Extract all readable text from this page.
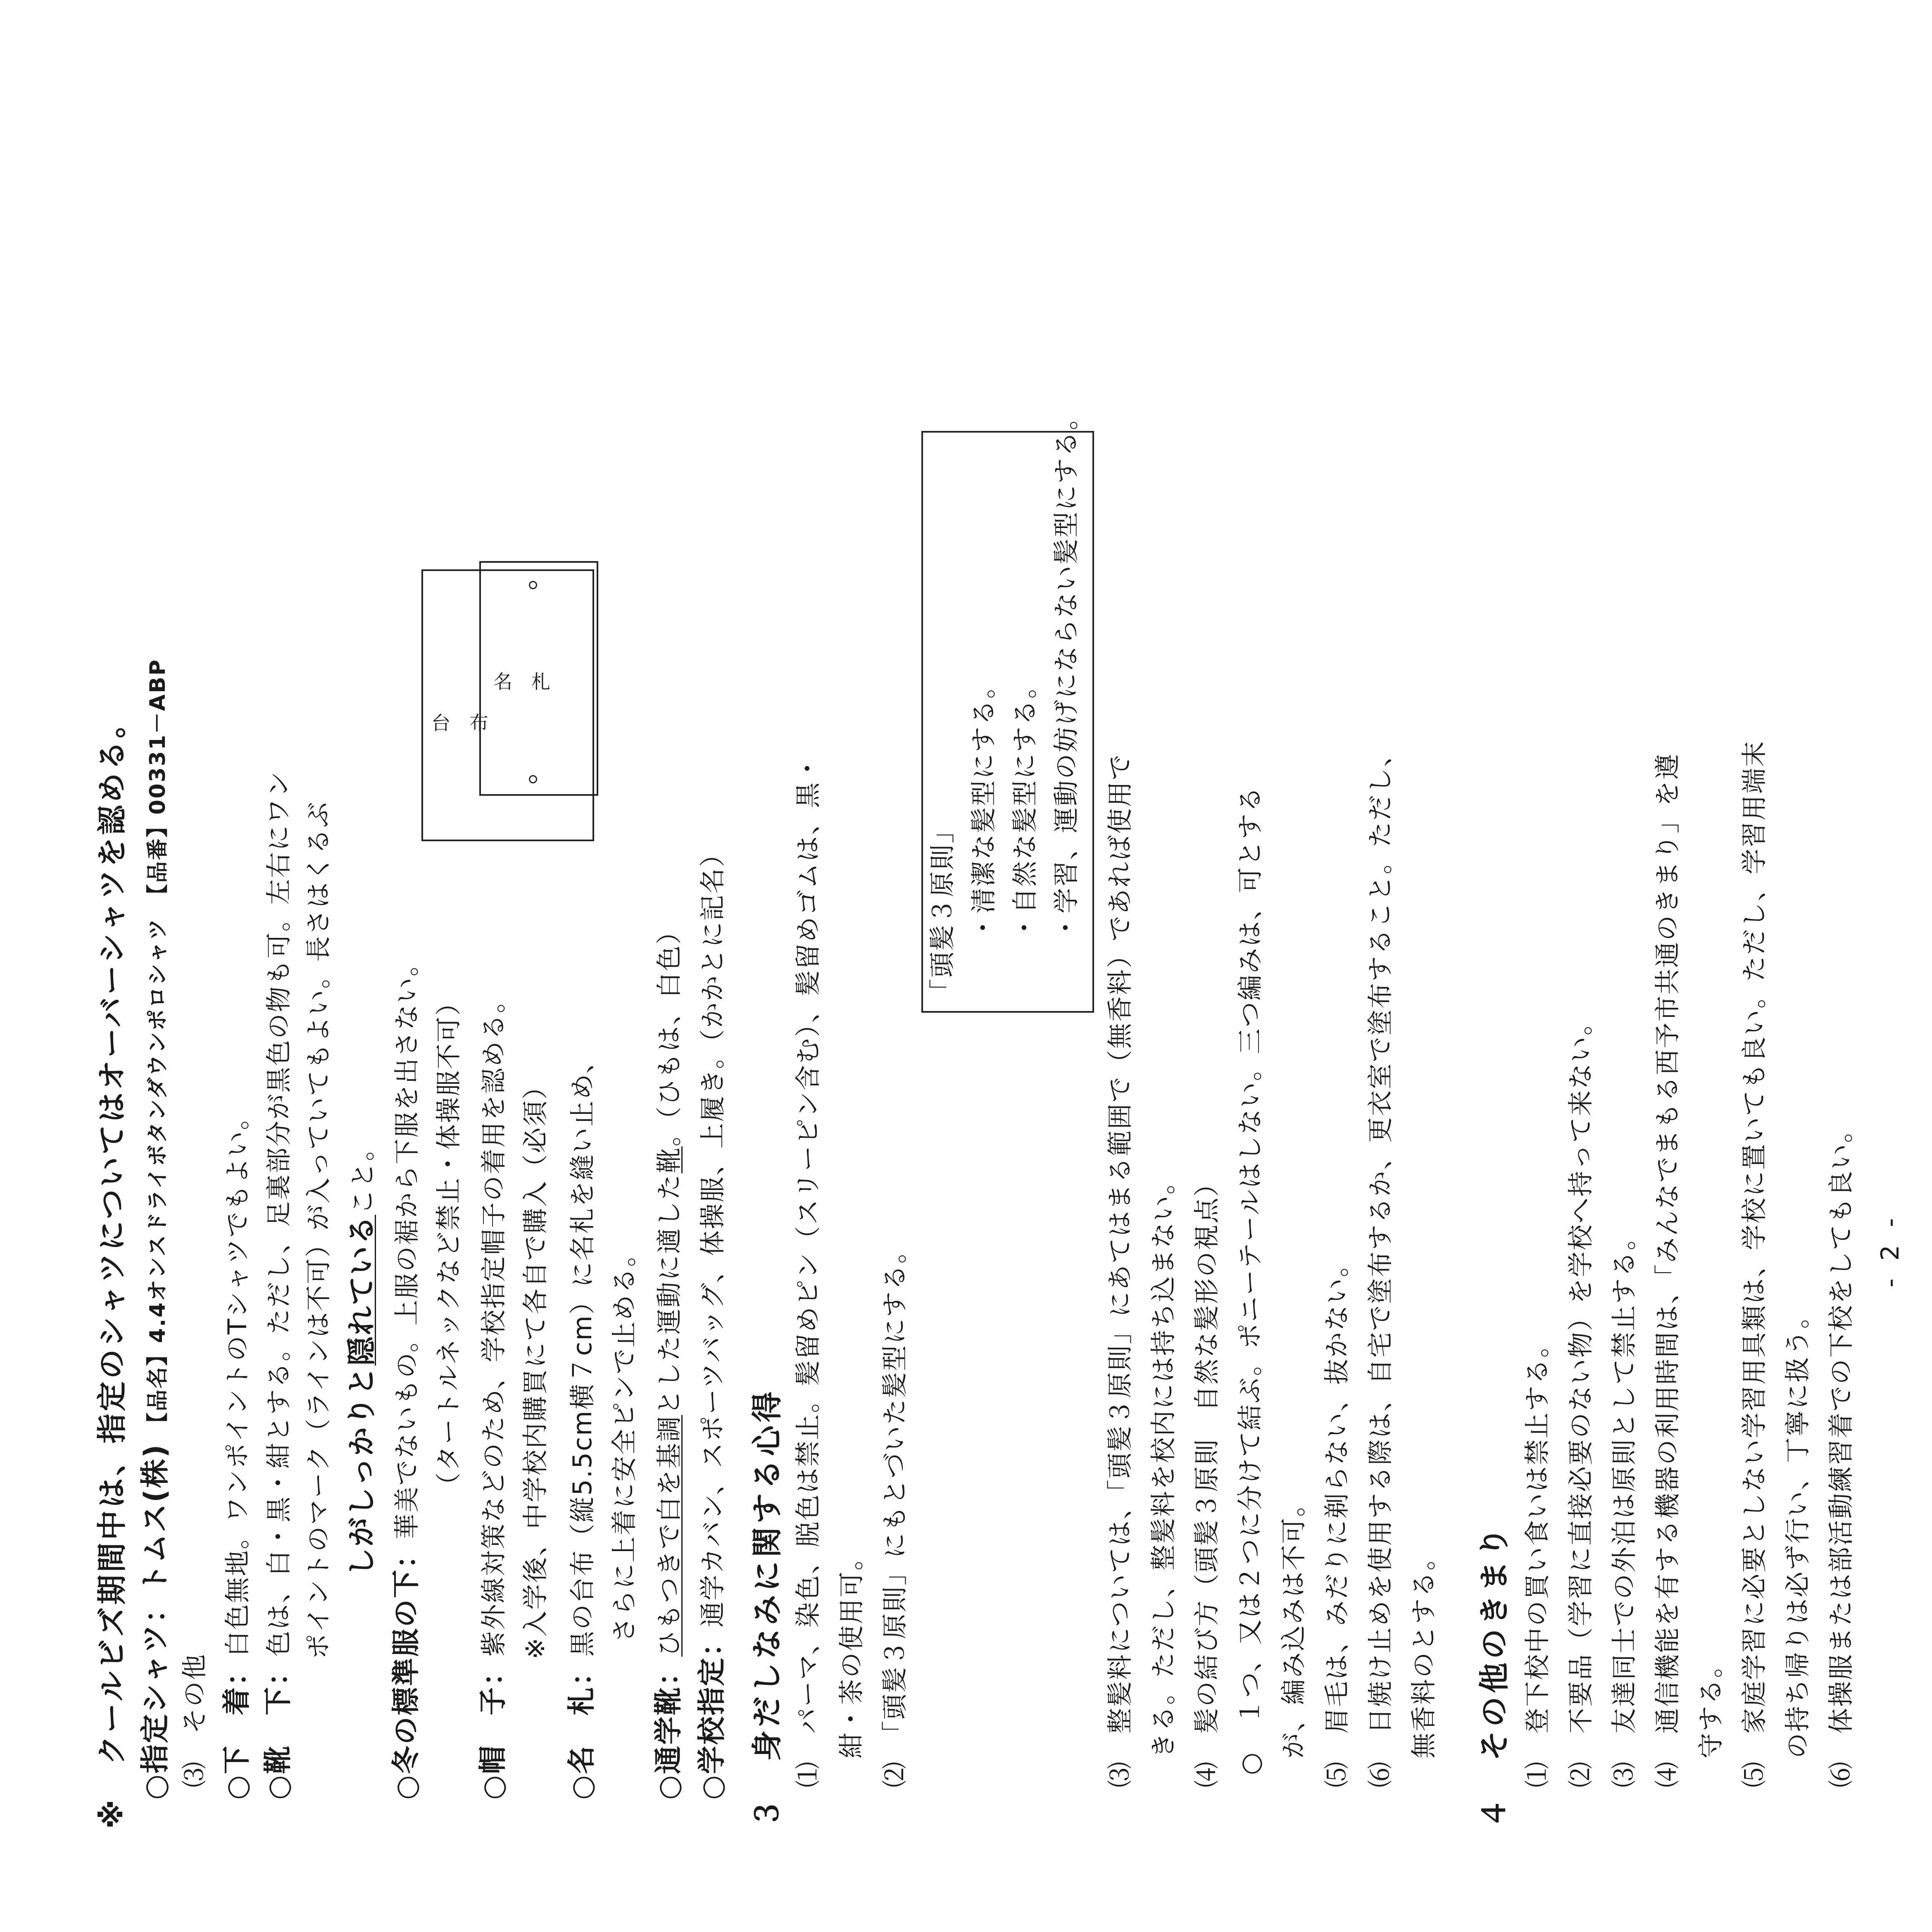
※　クールビズ期間中は、指定のシャツについてはオーバーシャツを認める。 ○指定シャツ：トムス(株) 【品名】4.4オンスドライボタンダウンポロシャツ　【品番】00331－ABP
⑶　その他 ○下　着：白色無地。ワンポイントのTシャツでもよい。
○靴　下：色は、白・黒・紺とする。ただし、足裏部分が黒色の物も可。左右にワン ポイントのマーク（ラインは不可）が入っていてもよい。長さはくるぶ しがしっかりと隠れていること。
○冬の標準服の下：華美でないもの。上服の裾から下服を出さない。 （タートルネックなど禁止・体操服不可）
○帽　子：紫外線対策などのため、学校指定帽子の着用を認める。 ※入学後、中学校内購買にて各自で購入（必須）
○名　札：黒の台布（縦5.5cm横７cm）に名札を縫い止め、 さらに上着に安全ピンで止める。
台　布
名　札
○通学靴：ひもつきで白を基調とした運動に適した靴。（ひもは、白色）
○学校指定：通学カバン、スポーツバッグ、体操服、上履き。（かかとに記名） ３　身だしなみに関する心得 ⑴　パーマ、染色、脱色は禁止。髪留めピン（スリーピン含む）、髪留めゴムは、黒・ 紺・茶の使用可。 ⑵　「頭髪３原則」にもとづいた髪型にする。
「頭髪３原則」 ・清潔な髪型にする。 ・自然な髪型にする。 ・学習、運動の妨げにならない髪型にする。
⑶　整髪料については、「頭髪３原則」にあてはまる範囲で（無香料）であれば使用で きる。ただし、整髪料を校内には持ち込まない。 ⑷　髪の結び方（頭髪３原則　自然な髪形の視点） ○　１つ、又は２つに分けて結ぶ。ポニーテールはしない。三つ編みは、可とする が、編み込みは不可。 ⑸　眉毛は、みだりに剃らない、抜かない。 ⑹　日焼け止めを使用する際は、自宅で塗布するか、更衣室で塗布すること。ただし、 無香料のとする。 ４　その他のきまり ⑴　登下校中の買い食いは禁止する。 ⑵　不要品（学習に直接必要のない物）を学校へ持って来ない。 ⑶　友達同士での外泊は原則として禁止する。 ⑷　通信機能を有する機器の利用時間は、「みんなでまもる西予市共通のきまり」を遵 守する。 ⑸　家庭学習に必要としない学習用具類は、学校に置いても良い。ただし、学習用端末 の持ち帰りは必ず行い、丁寧に扱う。 ⑹　体操服または部活動練習着での下校をしても良い。 - 2 -
